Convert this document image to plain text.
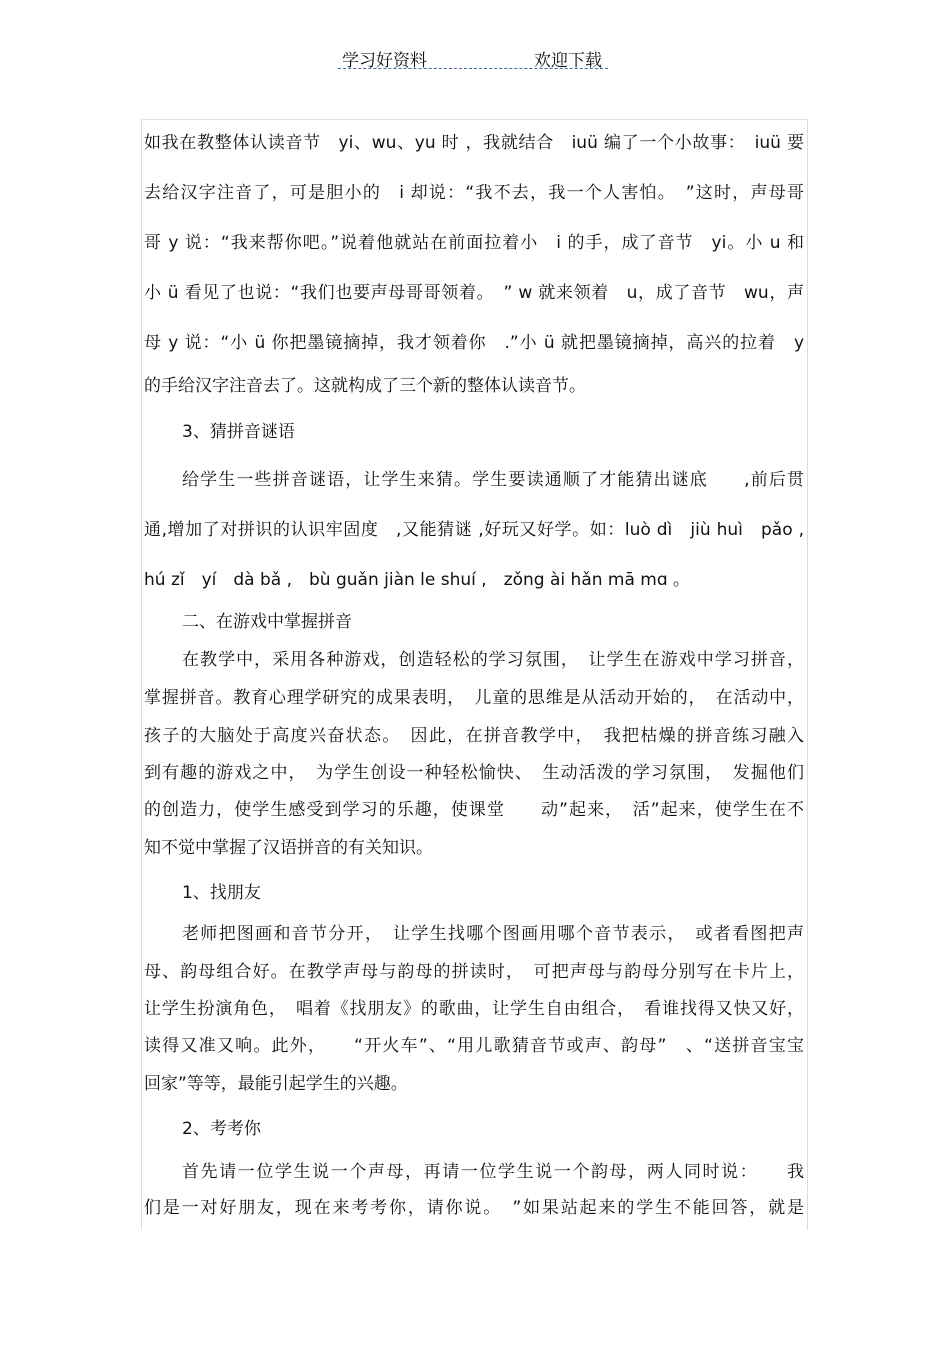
学习好资料	欢迎下载
如我在教整体认读音节　yi、wu、yu 时 ，我就结合　iuü 编了一个小故事：　iuü 要
去给汉字注音了，可是胆小的　i 却说：“我不去，我一个人害怕。　”这时，声母哥
哥 y 说：“我来帮你吧。”说着他就站在前面拉着小　i 的手，成了音节　yi。小 u 和
小 ü 看见了也说：“我们也要声母哥哥领着。　” w 就来领着　u，成了音节　wu，声
母 y 说：“小 ü 你把墨镜摘掉，我才领着你　.”小 ü 就把墨镜摘掉，高兴的拉着　y
的手给汉字注音去了。这就构成了三个新的整体认读音节。
3、猜拼音谜语
给学生一些拼音谜语，让学生来猜。学生要读通顺了才能猜出谜底　　,前后贯
通,增加了对拼识的认识牢固度　,又能猜谜 ,好玩又好学。如：luò dì　jiù huì　pǎo ,
hú zǐ　yí　dà bǎ ,　bù guǎn jiàn le shuí ,　zǒng ài hǎn mā mɑ 。
二、在游戏中掌握拼音
在教学中，采用各种游戏，创造轻松的学习氛围，　让学生在游戏中学习拼音，
掌握拼音。教育心理学研究的成果表明，　儿童的思维是从活动开始的，　在活动中，
孩子的大脑处于高度兴奋状态。　因此，在拼音教学中，　我把枯燥的拼音练习融入
到有趣的游戏之中，　为学生创设一种轻松愉快、　生动活泼的学习氛围，　发掘他们
的创造力，使学生感受到学习的乐趣，使课堂　　动”起来，　活”起来，使学生在不
知不觉中掌握了汉语拼音的有关知识。
1、找朋友
老师把图画和音节分开，　让学生找哪个图画用哪个音节表示，　或者看图把声
母、韵母组合好。在教学声母与韵母的拼读时，　可把声母与韵母分别写在卡片上，
让学生扮演角色，　唱着《找朋友》的歌曲，让学生自由组合，　看谁找得又快又好，
读得又准又响。此外，　　“开火车”、“用儿歌猜音节或声、韵母”　、“送拼音宝宝
回家”等等，最能引起学生的兴趣。
2、考考你
首先请一位学生说一个声母，再请一位学生说一个韵母，两人同时说：　　我
们是一对好朋友，现在来考考你，请你说。　”如果站起来的学生不能回答，就是
